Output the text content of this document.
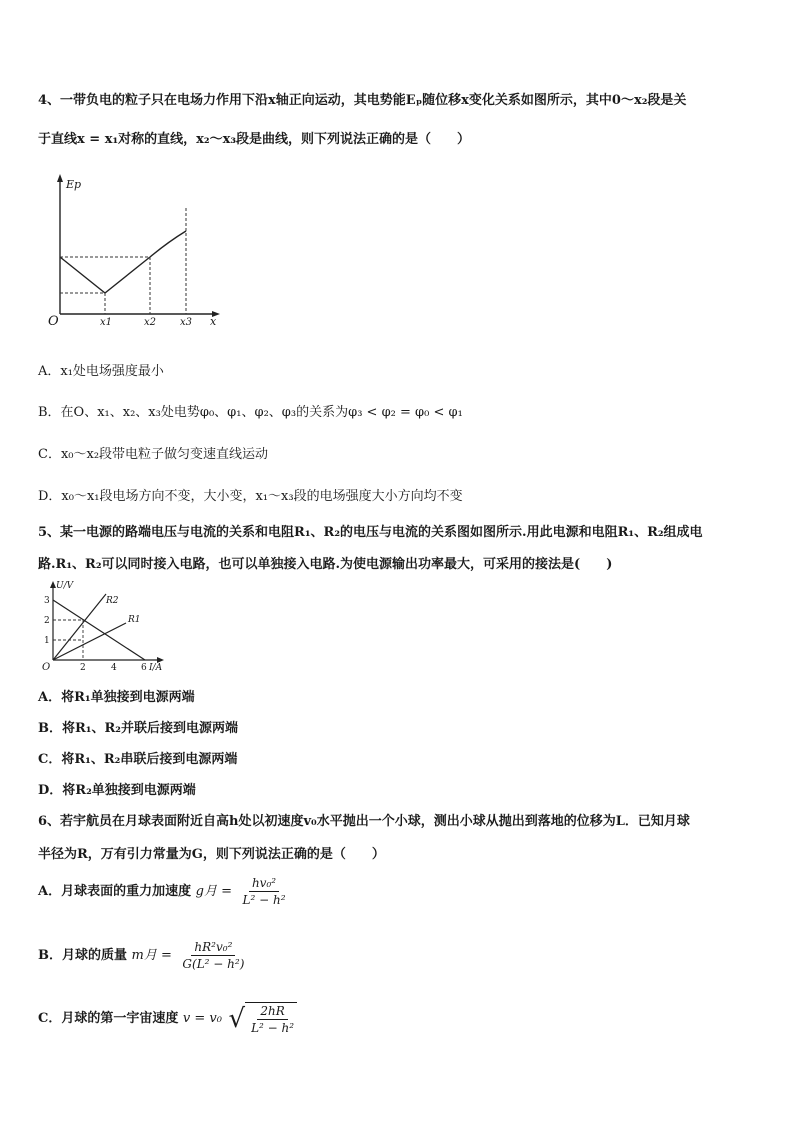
4、一带负电的粒子只在电场力作用下沿x轴正向运动，其电势能Eₚ随位移x变化关系如图所示，其中0～x₂段是关
于直线x = x₁对称的直线，x₂～x₃段是曲线，则下列说法正确的是（　　）
Ep
O	x1	x2 x3 x
A．x₁处电场强度最小
B．在O、x₁、x₂、x₃处电势φ₀、φ₁、φ₂、φ₃的关系为φ₃ < φ₂ = φ₀ < φ₁
C．x₀～x₂段带电粒子做匀变速直线运动
D．x₀～x₁段电场方向不变，大小变，x₁～x₃段的电场强度大小方向均不变
5、某一电源的路端电压与电流的关系和电阻R₁、R₂的电压与电流的关系图如图所示.用此电源和电阻R₁、R₂组成电
路.R₁、R₂可以同时接入电路，也可以单独接入电路.为使电源输出功率最大，可采用的接法是(　　)
U/V
O
1
2
3
2	4	6 I/A
R2
R1
A．将R₁单独接到电源两端
B．将R₁、R₂并联后接到电源两端
C．将R₁、R₂串联后接到电源两端
D．将R₂单独接到电源两端
6、若宇航员在月球表面附近自高h处以初速度v₀水平抛出一个小球，测出小球从抛出到落地的位移为L．已知月球
半径为R，万有引力常量为G，则下列说法正确的是（　　）
A．月球表面的重力加速度 g月 = $\frac{\text{hv₀²}}{\text{L² − h²}}$
B．月球的质量 m月 = $\frac{\text{hR²v₀²}}{\text{G(L² − h²)}}$
C．月球的第一宇宙速度 v = v₀ √ $\frac{2hR}{\text{L² − h²}}$
